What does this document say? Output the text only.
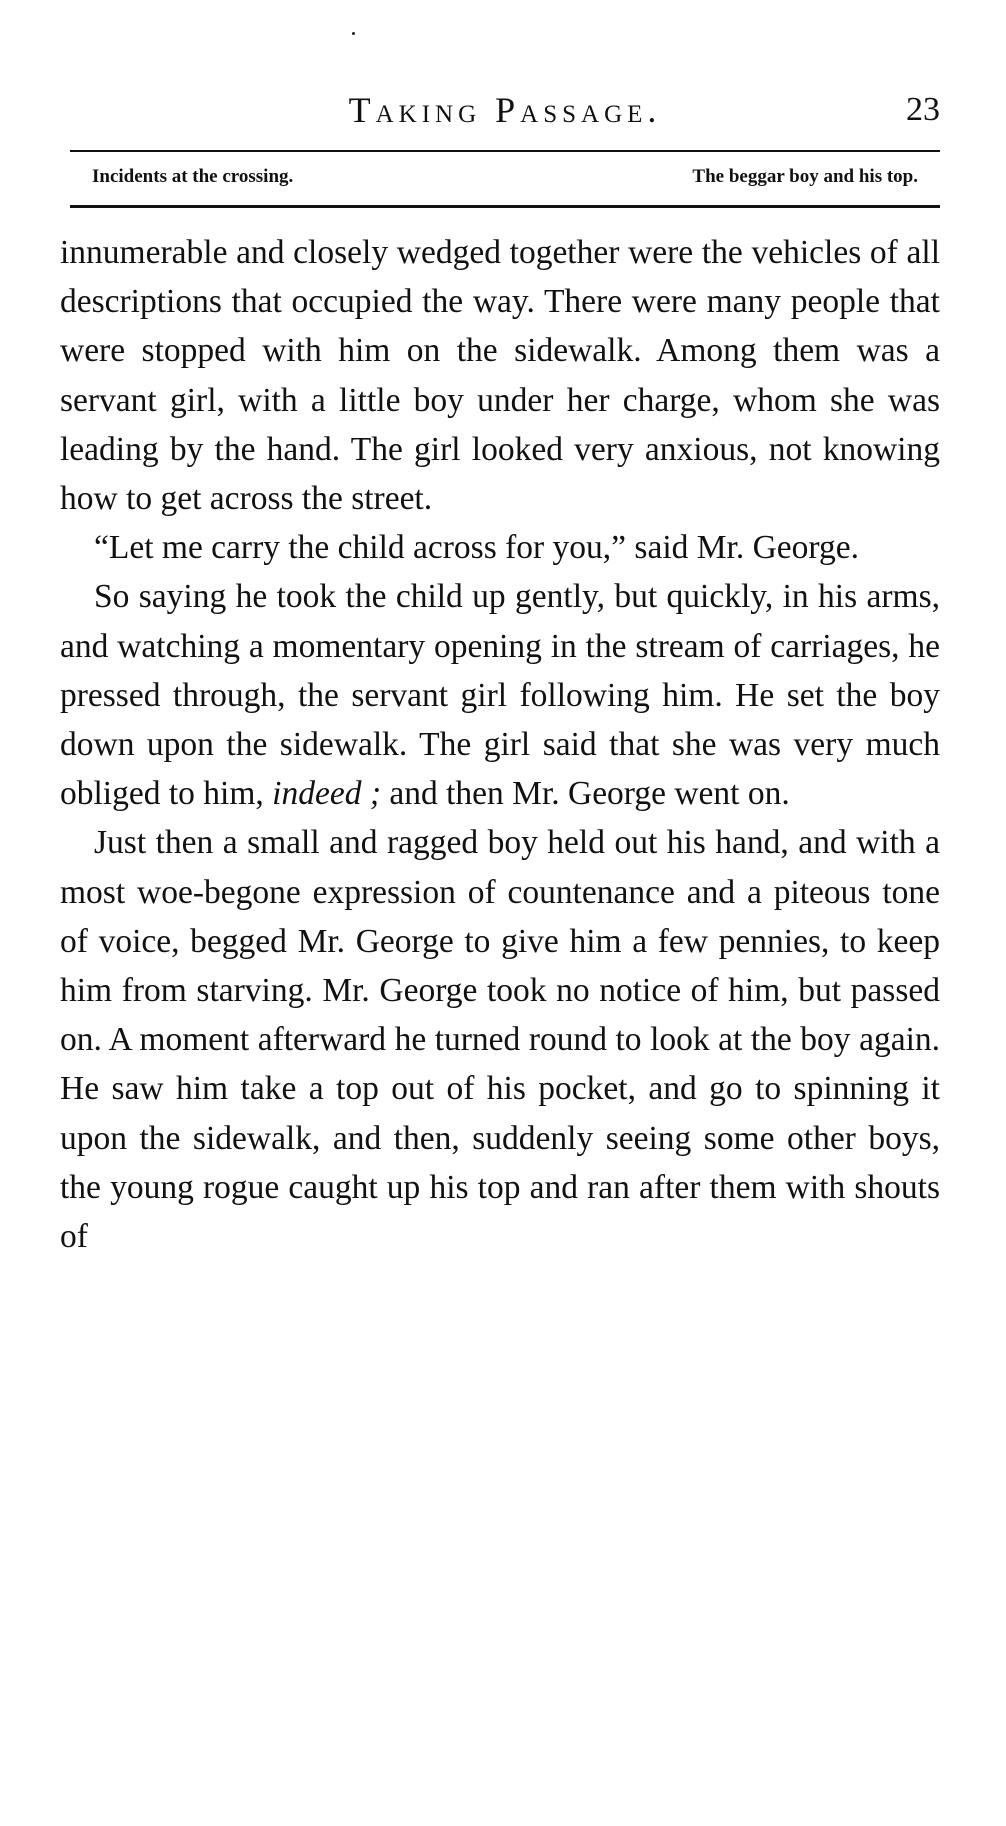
Taking Passage.	23
Incidents at the crossing.	The beggar boy and his top.

innumerable and closely wedged together were the vehicles of all descriptions that occupied the way. There were many people that were stopped with him on the sidewalk. Among them was a servant girl, with a little boy under her charge, whom she was leading by the hand. The girl looked very anxious, not knowing how to get across the street.

“Let me carry the child across for you,” said Mr. George.

So saying he took the child up gently, but quickly, in his arms, and watching a momentary opening in the stream of carriages, he pressed through, the servant girl following him. He set the boy down upon the sidewalk. The girl said that she was very much obliged to him, indeed ; and then Mr. George went on.

Just then a small and ragged boy held out his hand, and with a most woe-begone expression of countenance and a piteous tone of voice, begged Mr. George to give him a few pennies, to keep him from starving. Mr. George took no notice of him, but passed on. A moment afterward he turned round to look at the boy again. He saw him take a top out of his pocket, and go to spinning it upon the sidewalk, and then, suddenly seeing some other boys, the young rogue caught up his top and ran after them with shouts of
